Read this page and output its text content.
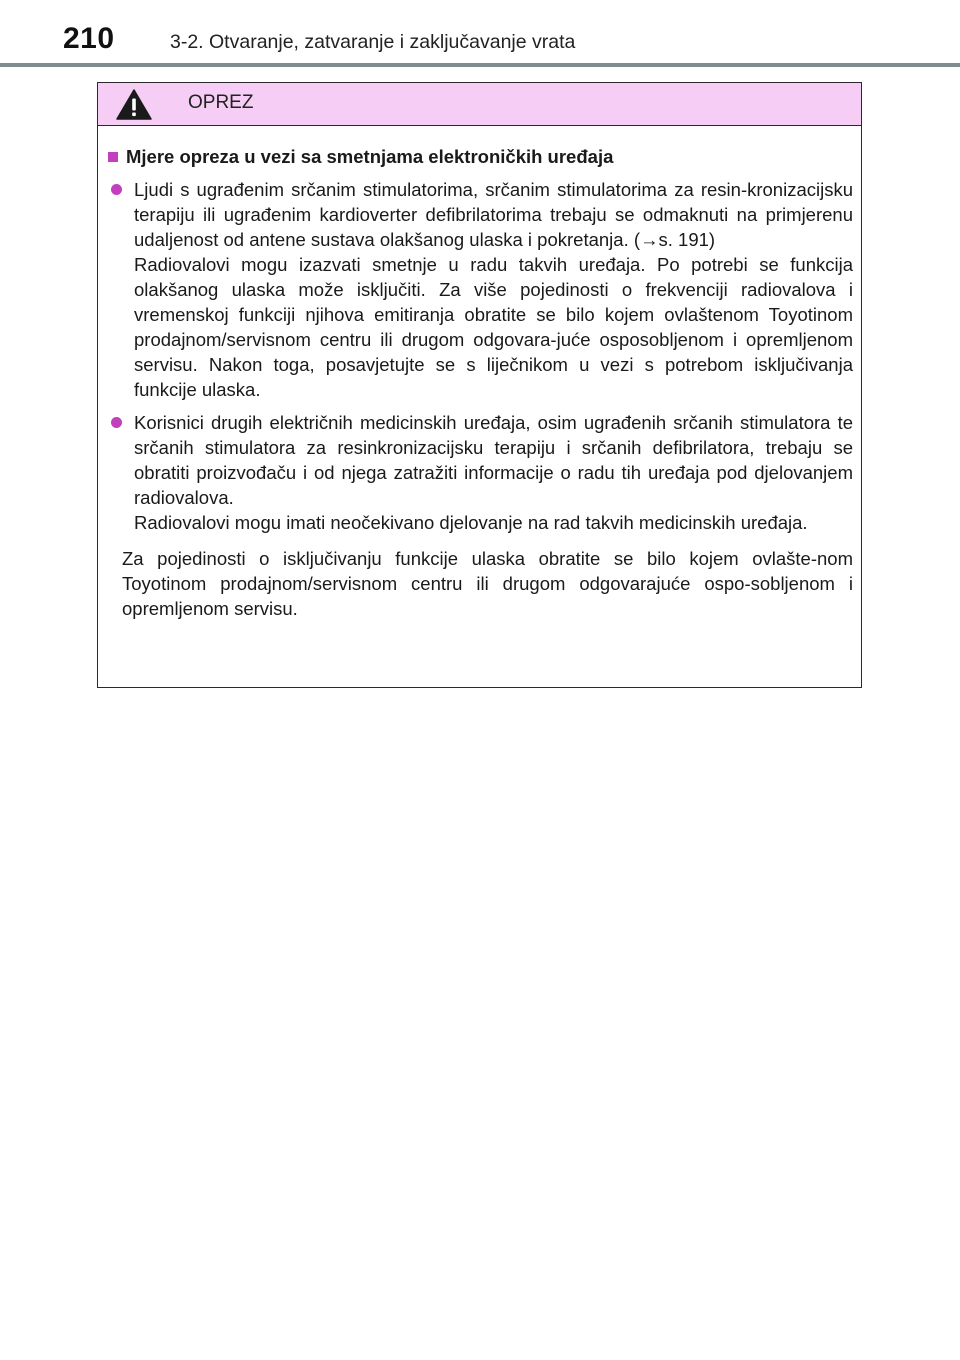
210	3-2. Otvaranje, zatvaranje i zaključavanje vrata
OPREZ
Mjere opreza u vezi sa smetnjama elektroničkih uređaja

Ljudi s ugrađenim srčanim stimulatorima, srčanim stimulatorima za resin-kronizacijsku terapiju ili ugrađenim kardioverter defibrilatorima trebaju se odmaknuti na primjerenu udaljenost od antene sustava olakšanog ulaska i pokretanja. (→s. 191)

Radiovalovi mogu izazvati smetnje u radu takvih uređaja. Po potrebi se funkcija olakšanog ulaska može isključiti. Za više pojedinosti o frekvenciji radiovalova i vremenskoj funkciji njihova emitiranja obratite se bilo kojem ovlaštenom Toyotinom prodajnom/servisnom centru ili drugom odgovara-juće osposobljenom i opremljenom servisu. Nakon toga, posavjetujte se s liječnikom u vezi s potrebom isključivanja funkcije ulaska.

Korisnici drugih električnih medicinskih uređaja, osim ugrađenih srčanih stimulatora te srčanih stimulatora za resinkronizacijsku terapiju i srčanih defibrilatora, trebaju se obratiti proizvođaču i od njega zatražiti informacije o radu tih uređaja pod djelovanjem radiovalova.

Radiovalovi mogu imati neočekivano djelovanje na rad takvih medicinskih uređaja.

Za pojedinosti o isključivanju funkcije ulaska obratite se bilo kojem ovlašte-nom Toyotinom prodajnom/servisnom centru ili drugom odgovarajuće ospo-sobljenom i opremljenom servisu.
